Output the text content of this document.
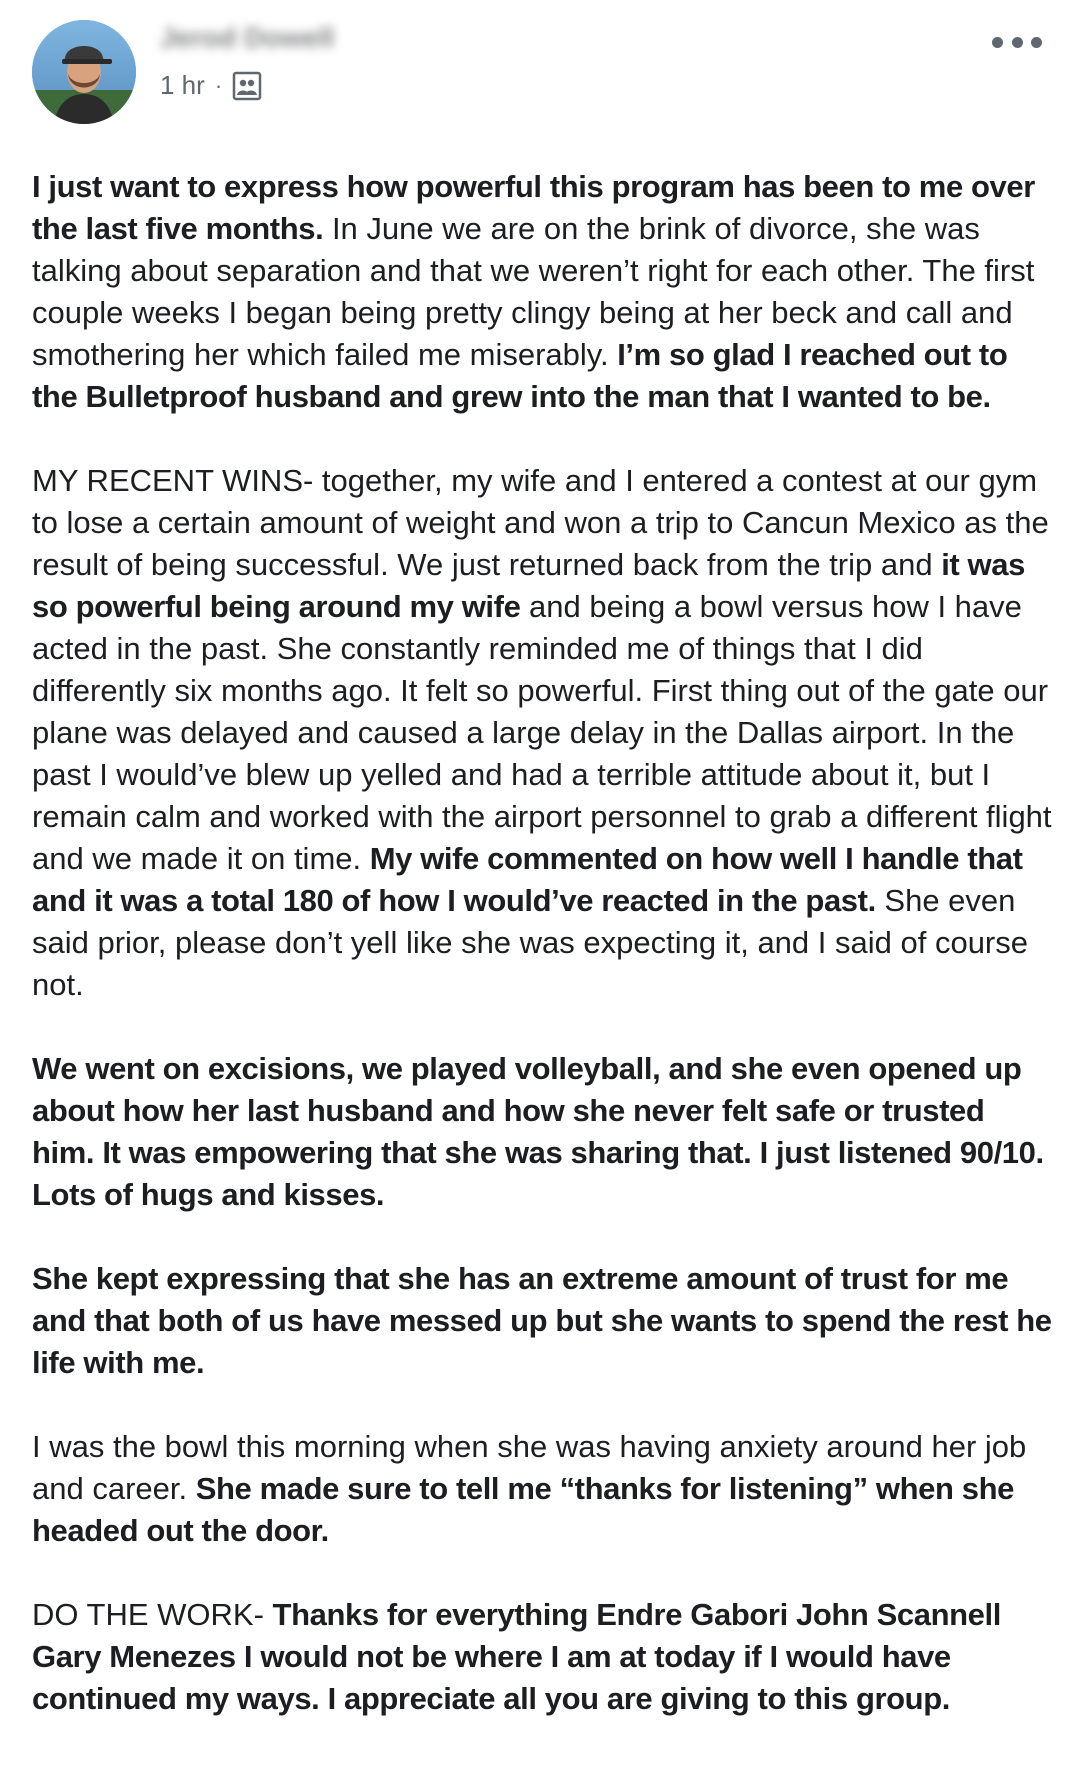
Jerod Dowell
1 hr ·

I just want to express how powerful this program has been to me over the last five months. In June we are on the brink of divorce, she was talking about separation and that we weren’t right for each other. The first couple weeks I began being pretty clingy being at her beck and call and smothering her which failed me miserably. I’m so glad I reached out to the Bulletproof husband and grew into the man that I wanted to be.

MY RECENT WINS- together, my wife and I entered a contest at our gym to lose a certain amount of weight and won a trip to Cancun Mexico as the result of being successful. We just returned back from the trip and it was so powerful being around my wife and being a bowl versus how I have acted in the past. She constantly reminded me of things that I did differently six months ago. It felt so powerful. First thing out of the gate our plane was delayed and caused a large delay in the Dallas airport. In the past I would’ve blew up yelled and had a terrible attitude about it, but I remain calm and worked with the airport personnel to grab a different flight and we made it on time. My wife commented on how well I handle that and it was a total 180 of how I would’ve reacted in the past. She even said prior, please don’t yell like she was expecting it, and I said of course not.

We went on excisions, we played volleyball, and she even opened up about how her last husband and how she never felt safe or trusted him. It was empowering that she was sharing that. I just listened 90/10. Lots of hugs and kisses.

She kept expressing that she has an extreme amount of trust for me and that both of us have messed up but she wants to spend the rest he life with me.

I was the bowl this morning when she was having anxiety around her job and career. She made sure to tell me “thanks for listening” when she headed out the door.

DO THE WORK- Thanks for everything Endre Gabori John Scannell Gary Menezes I would not be where I am at today if I would have continued my ways. I appreciate all you are giving to this group.
